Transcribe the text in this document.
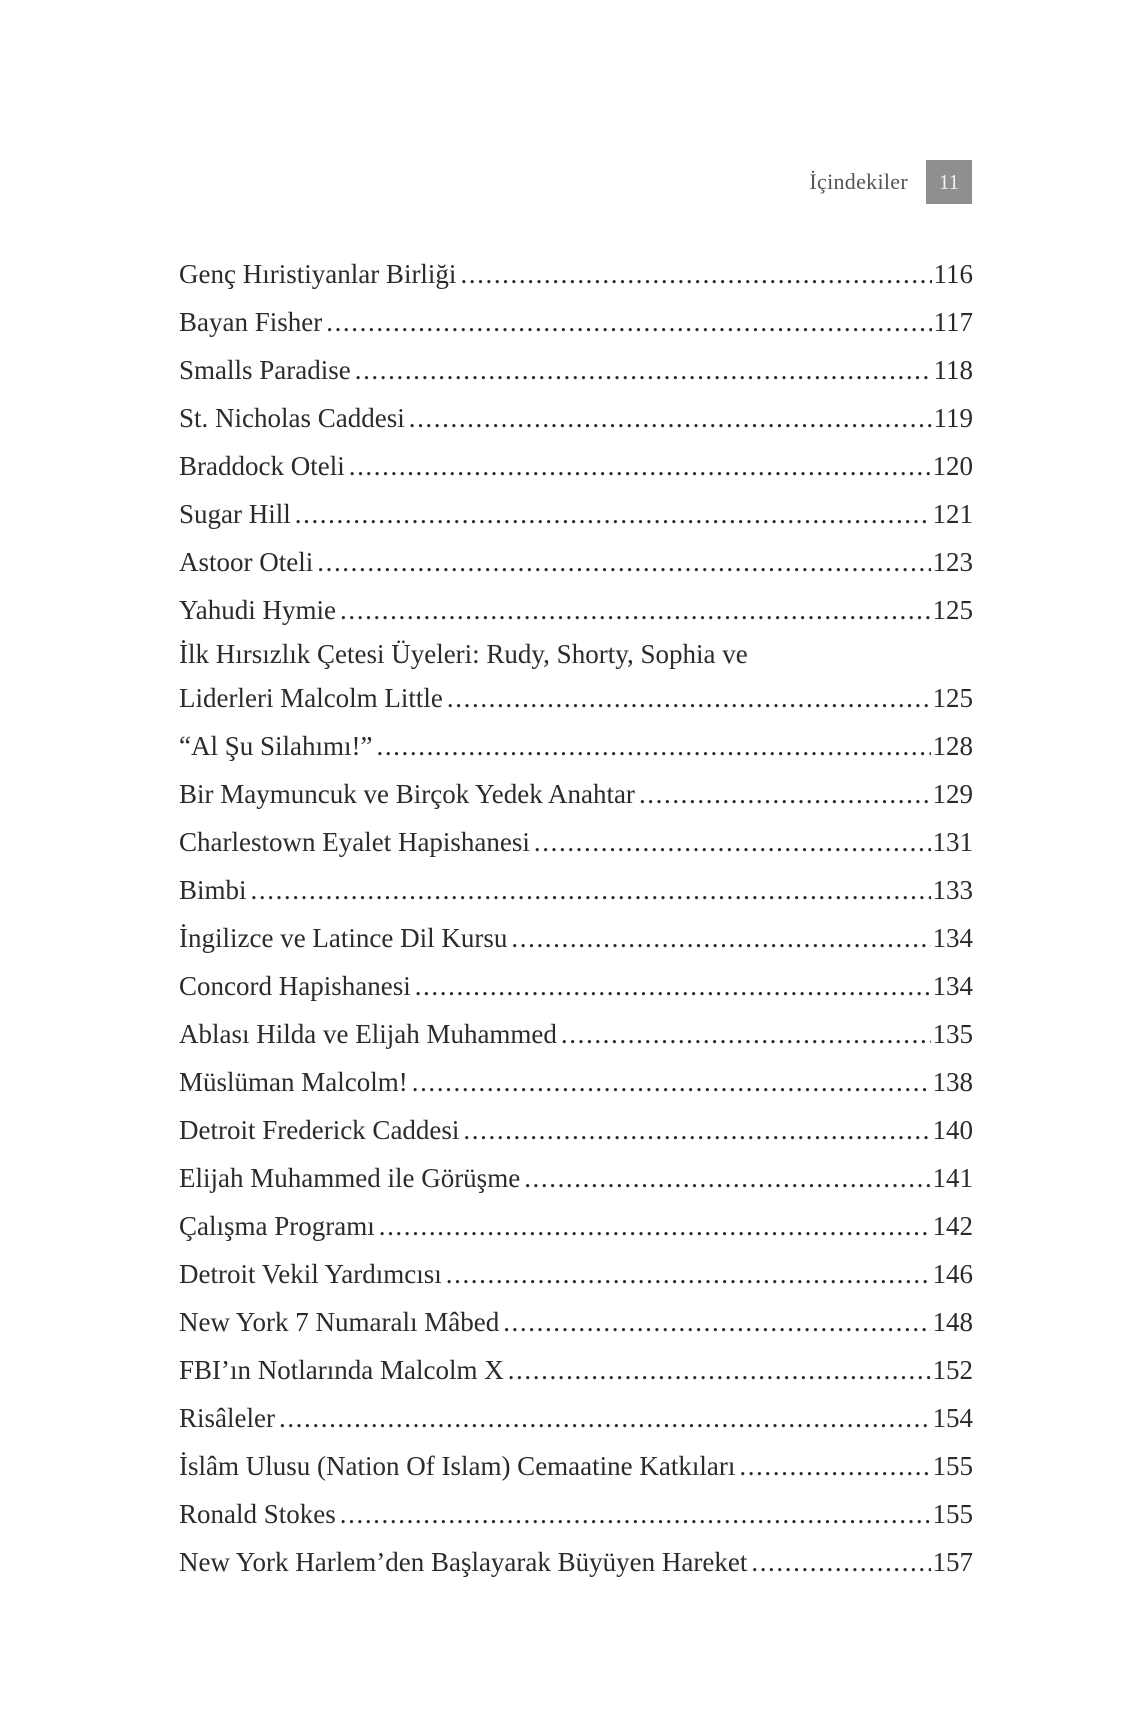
İçindekiler	11
Genç Hıristiyanlar Birliği .....	116
Bayan Fisher .....	117
Smalls Paradise .....	118
St. Nicholas Caddesi .....	119
Braddock Oteli .....	120
Sugar Hill .....	121
Astoor Oteli .....	123
Yahudi Hymie .....	125
İlk Hırsızlık Çetesi Üyeleri: Rudy, Shorty, Sophia ve
Liderleri Malcolm Little .....	125
“Al Şu Silahımı!” .....	128
Bir Maymuncuk ve Birçok Yedek Anahtar .....	129
Charlestown Eyalet Hapishanesi .....	131
Bimbi .....	133
İngilizce ve Latince Dil Kursu .....	134
Concord Hapishanesi .....	134
Ablası Hilda ve Elijah Muhammed .....	135
Müslüman Malcolm! .....	138
Detroit Frederick Caddesi .....	140
Elijah Muhammed ile Görüşme .....	141
Çalışma Programı .....	142
Detroit Vekil Yardımcısı .....	146
New York 7 Numaralı Mâbed .....	148
FBI’ın Notlarında Malcolm X .....	152
Risâleler .....	154
İslâm Ulusu (Nation Of Islam) Cemaatine Katkıları .....	155
Ronald Stokes .....	155
New York Harlem’den Başlayarak Büyüyen Hareket .....	157
